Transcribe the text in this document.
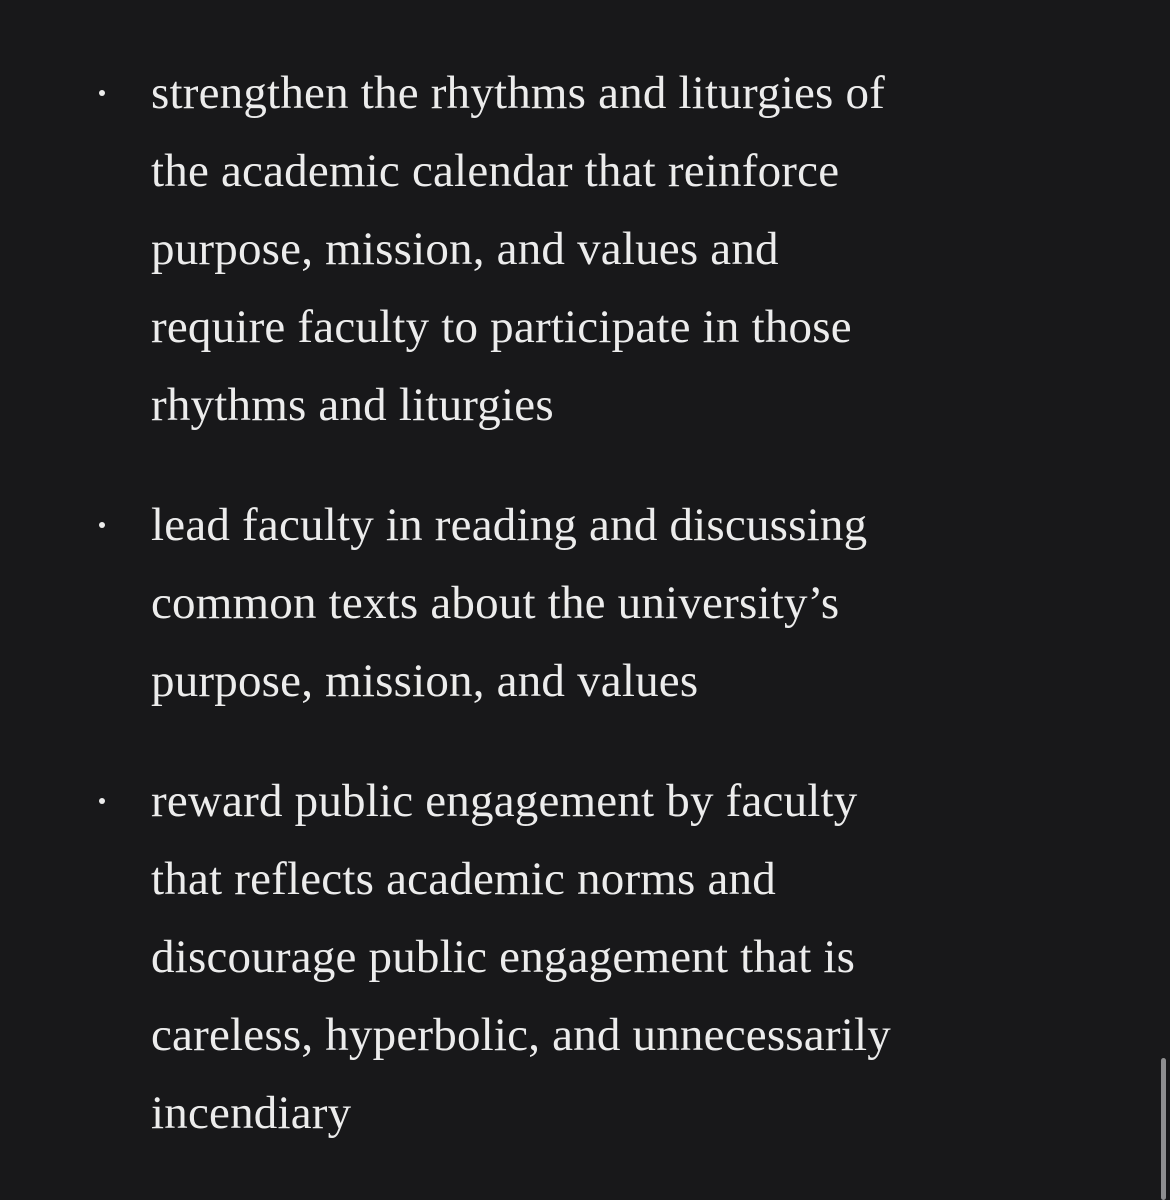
strengthen the rhythms and liturgies of
the academic calendar that reinforce
purpose, mission, and values and
require faculty to participate in those
rhythms and liturgies
lead faculty in reading and discussing
common texts about the university’s
purpose, mission, and values
reward public engagement by faculty
that reflects academic norms and
discourage public engagement that is
careless, hyperbolic, and unnecessarily
incendiary
